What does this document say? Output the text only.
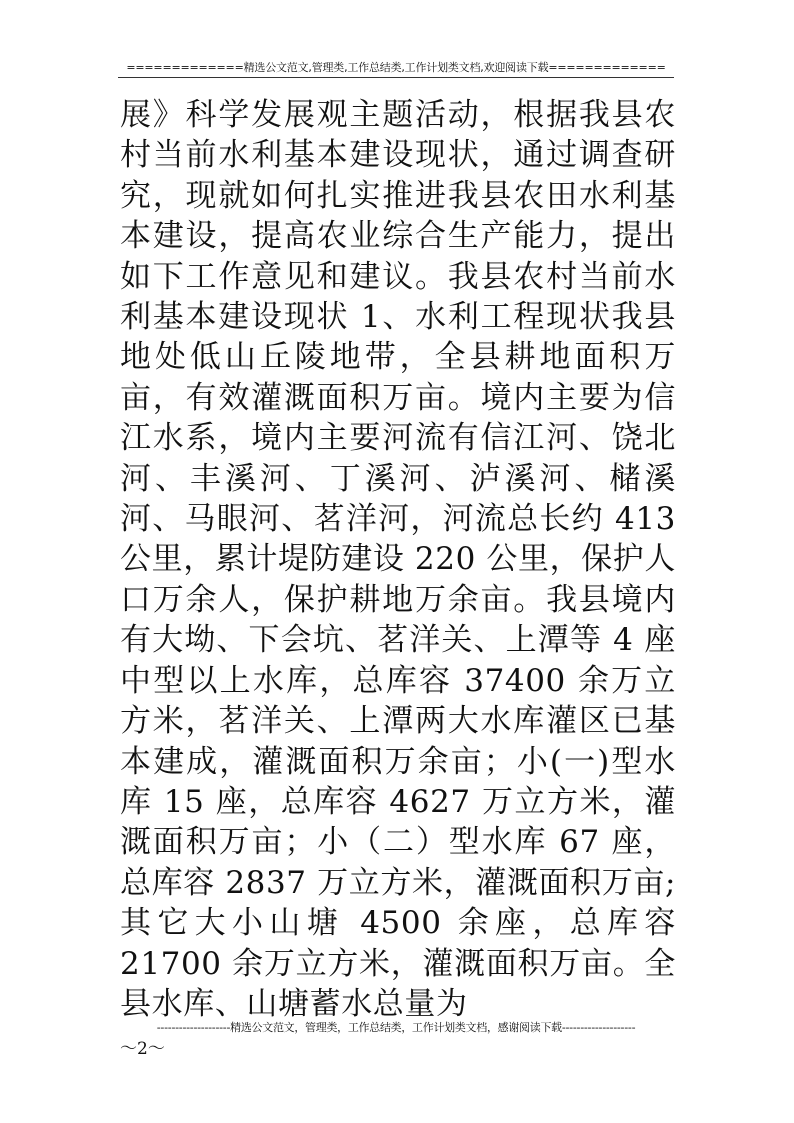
=============精选公文范文,管理类,工作总结类,工作计划类文档,欢迎阅读下载=============

展》科学发展观主题活动，根据我县农村当前水利基本建设现状，通过调查研究，现就如何扎实推进我县农田水利基本建设，提高农业综合生产能力，提出如下工作意见和建议。我县农村当前水利基本建设现状 1、水利工程现状我县地处低山丘陵地带，全县耕地面积万亩，有效灌溉面积万亩。境内主要为信江水系，境内主要河流有信江河、饶北河、丰溪河、丁溪河、泸溪河、槠溪河、马眼河、茗洋河，河流总长约 413 公里，累计堤防建设 220 公里，保护人口万余人，保护耕地万余亩。我县境内有大坳、下会坑、茗洋关、上潭等 4 座中型以上水库，总库容 37400 余万立方米，茗洋关、上潭两大水库灌区已基本建成，灌溉面积万余亩；小(一)型水库 15 座，总库容 4627 万立方米，灌溉面积万亩；小（二）型水库 67 座，总库容 2837 万立方米，灌溉面积万亩; 其它大小山塘 4500 余座，总库容 21700 余万立方米，灌溉面积万亩。全县水库、山塘蓄水总量为

--------------------精选公文范文，管理类，工作总结类，工作计划类文档，感谢阅读下载--------------------
～2～
